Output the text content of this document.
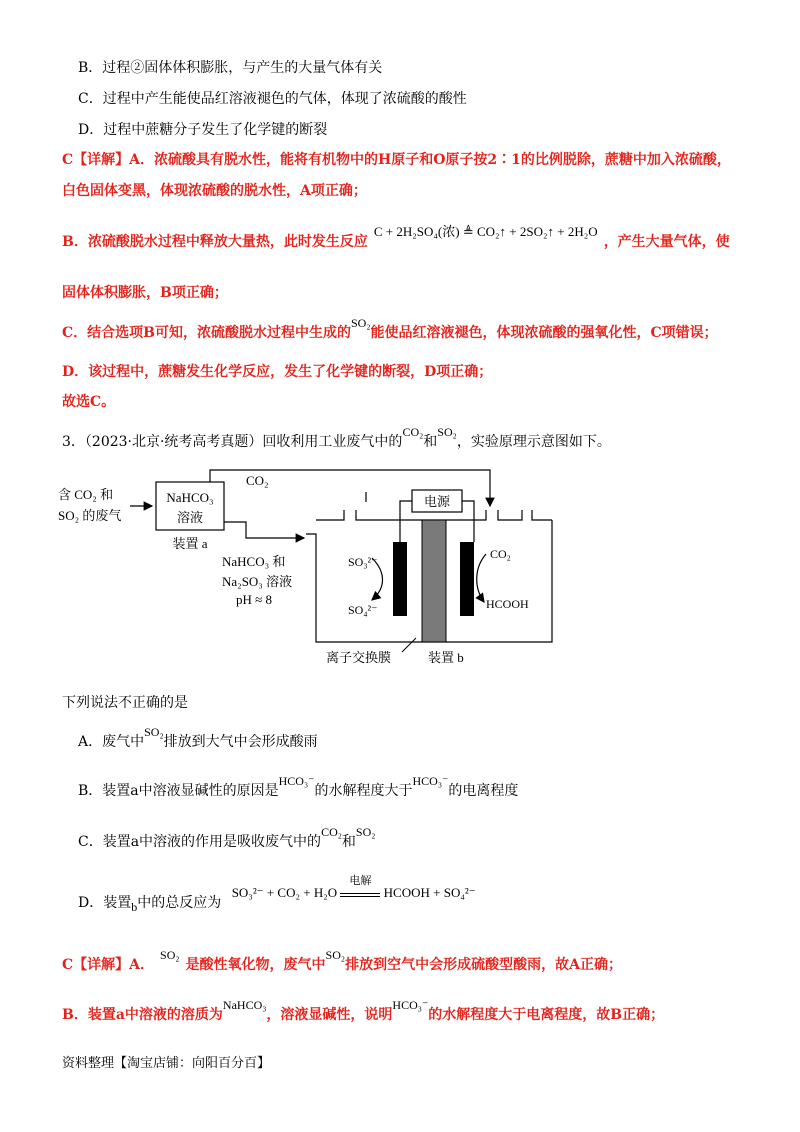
B．过程②固体体积膨胀，与产生的大量气体有关
C．过程中产生能使品红溶液褪色的气体，体现了浓硫酸的酸性
D．过程中蔗糖分子发生了化学键的断裂
C【详解】A．浓硫酸具有脱水性，能将有机物中的H原子和O原子按2∶1的比例脱除，蔗糖中加入浓硫酸，
白色固体变黑，体现浓硫酸的脱水性，A项正确；
B．浓硫酸脱水过程中释放大量热，此时发生反应C + 2H₂SO₄(浓) ≜ CO₂↑ + 2SO₂↑ + 2H₂O，产生大量气体，使
固体体积膨胀，B项正确；
C．结合选项B可知，浓硫酸脱水过程中生成的SO₂能使品红溶液褪色，体现浓硫酸的强氧化性，C项错误；
D．该过程中，蔗糖发生化学反应，发生了化学键的断裂，D项正确；
故选C。
3．（2023·北京·统考高考真题）回收利用工业废气中的CO₂和SO₂，实验原理示意图如下。
含 CO₂ 和
SO₂ 的废气
NaHCO₃
溶液
装置 a
CO₂
NaHCO₃ 和
Na₂SO₃ 溶液
pH ≈ 8
电源
SO₃²⁻
SO₄²⁻
CO₂
HCOOH
离子交换膜	装置 b
下列说法不正确的是
A．废气中SO₂排放到大气中会形成酸雨
B．装置a中溶液显碱性的原因是HCO₃⁻的水解程度大于HCO₃⁻的电离程度
C．装置a中溶液的作用是吸收废气中的CO₂和SO₂
D．装置b中的总反应为 SO₃²⁻ + CO₂ + H₂O
电解
HCOOH + SO₄²⁻
C【详解】A．SO₂是酸性氧化物，废气中SO₂排放到空气中会形成硫酸型酸雨，故A正确；
B．装置a中溶液的溶质为NaHCO₃，溶液显碱性，说明HCO₃⁻的水解程度大于电离程度，故B正确；
资料整理【淘宝店铺：向阳百分百】
